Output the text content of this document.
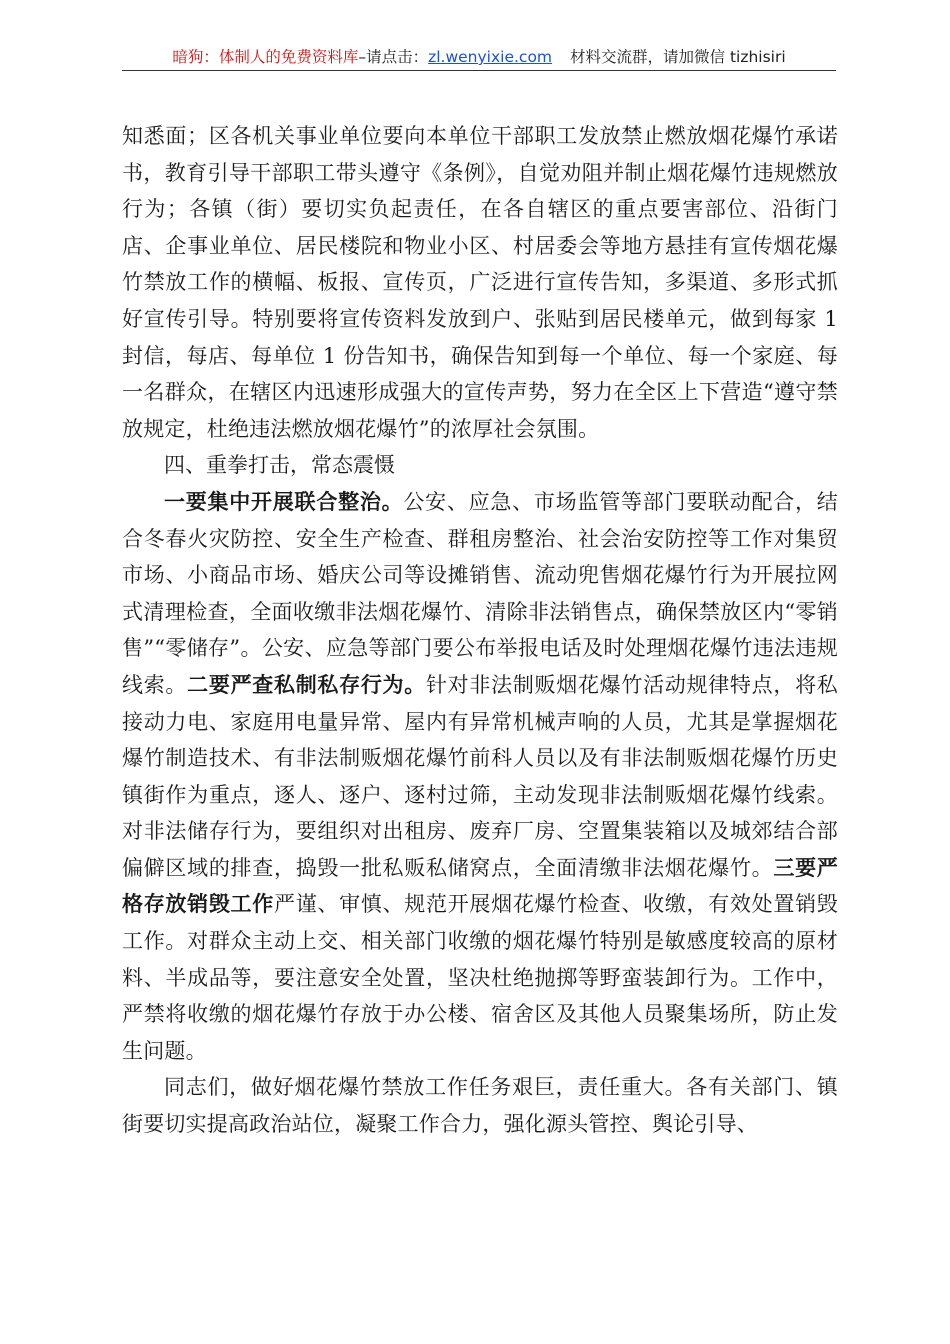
暗狗：体制人的免费资料库–请点击：zl.wenyixie.com 材料交流群，请加微信 tizhisiri

知悉面；区各机关事业单位要向本单位干部职工发放禁止燃放烟花爆竹承诺书，教育引导干部职工带头遵守《条例》，自觉劝阻并制止烟花爆竹违规燃放行为；各镇（街）要切实负起责任，在各自辖区的重点要害部位、沿街门店、企事业单位、居民楼院和物业小区、村居委会等地方悬挂有宣传烟花爆竹禁放工作的横幅、板报、宣传页，广泛进行宣传告知，多渠道、多形式抓好宣传引导。特别要将宣传资料发放到户、张贴到居民楼单元，做到每家 1 封信，每店、每单位 1 份告知书，确保告知到每一个单位、每一个家庭、每一名群众，在辖区内迅速形成强大的宣传声势，努力在全区上下营造“遵守禁放规定，杜绝违法燃放烟花爆竹”的浓厚社会氛围。

四、重拳打击，常态震慑

一要集中开展联合整治。公安、应急、市场监管等部门要联动配合，结合冬春火灾防控、安全生产检查、群租房整治、社会治安防控等工作对集贸市场、小商品市场、婚庆公司等设摊销售、流动兜售烟花爆竹行为开展拉网式清理检查，全面收缴非法烟花爆竹、清除非法销售点，确保禁放区内“零销售”“零储存”。公安、应急等部门要公布举报电话及时处理烟花爆竹违法违规线索。二要严查私制私存行为。针对非法制贩烟花爆竹活动规律特点，将私接动力电、家庭用电量异常、屋内有异常机械声响的人员，尤其是掌握烟花爆竹制造技术、有非法制贩烟花爆竹前科人员以及有非法制贩烟花爆竹历史镇街作为重点，逐人、逐户、逐村过筛，主动发现非法制贩烟花爆竹线索。对非法储存行为，要组织对出租房、废弃厂房、空置集装箱以及城郊结合部偏僻区域的排查，捣毁一批私贩私储窝点，全面清缴非法烟花爆竹。三要严格存放销毁工作严谨、审慎、规范开展烟花爆竹检查、收缴，有效处置销毁工作。对群众主动上交、相关部门收缴的烟花爆竹特别是敏感度较高的原材料、半成品等，要注意安全处置，坚决杜绝抛掷等野蛮装卸行为。工作中，严禁将收缴的烟花爆竹存放于办公楼、宿舍区及其他人员聚集场所，防止发生问题。

同志们，做好烟花爆竹禁放工作任务艰巨，责任重大。各有关部门、镇街要切实提高政治站位，凝聚工作合力，强化源头管控、舆论引导、
